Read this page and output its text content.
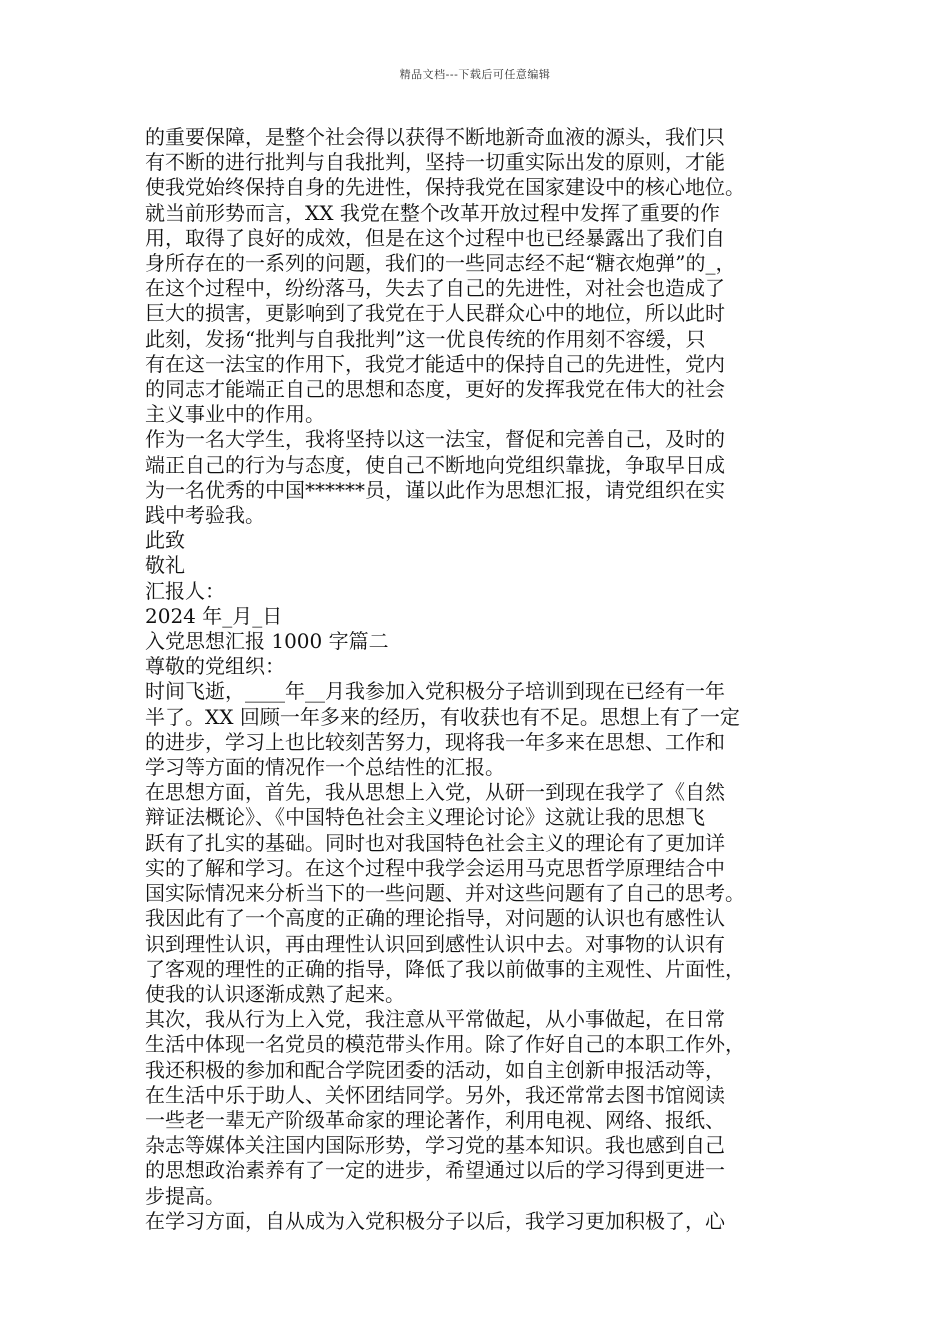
精品文档---下载后可任意编辑

的重要保障，是整个社会得以获得不断地新奇血液的源头，我们只

有不断的进行批判与自我批判，坚持一切重实际出发的原则，才能

使我党始终保持自身的先进性，保持我党在国家建设中的核心地位。

就当前形势而言，XX 我党在整个改革开放过程中发挥了重要的作

用，取得了良好的成效，但是在这个过程中也已经暴露出了我们自

身所存在的一系列的问题，我们的一些同志经不起“糖衣炮弹”的_，

在这个过程中，纷纷落马，失去了自己的先进性，对社会也造成了

巨大的损害，更影响到了我党在于人民群众心中的地位，所以此时

此刻，发扬“批判与自我批判”这一优良传统的作用刻不容缓，只

有在这一法宝的作用下，我党才能适中的保持自己的先进性，党内

的同志才能端正自己的思想和态度，更好的发挥我党在伟大的社会

主义事业中的作用。

作为一名大学生，我将坚持以这一法宝，督促和完善自己，及时的

端正自己的行为与态度，使自己不断地向党组织靠拢，争取早日成

为一名优秀的中国******员，谨以此作为思想汇报，请党组织在实

践中考验我。

此致

敬礼

汇报人：

2024 年_月_日

入党思想汇报 1000 字篇二

尊敬的党组织：

时间飞逝，____年__月我参加入党积极分子培训到现在已经有一年

半了。XX 回顾一年多来的经历，有收获也有不足。思想上有了一定

的进步，学习上也比较刻苦努力，现将我一年多来在思想、工作和

学习等方面的情况作一个总结性的汇报。

在思想方面，首先，我从思想上入党，从研一到现在我学了《自然

辩证法概论》、《中国特色社会主义理论讨论》这就让我的思想飞

跃有了扎实的基础。同时也对我国特色社会主义的理论有了更加详

实的了解和学习。在这个过程中我学会运用马克思哲学原理结合中

国实际情况来分析当下的一些问题、并对这些问题有了自己的思考。

我因此有了一个高度的正确的理论指导，对问题的认识也有感性认

识到理性认识，再由理性认识回到感性认识中去。对事物的认识有

了客观的理性的正确的指导，降低了我以前做事的主观性、片面性，

使我的认识逐渐成熟了起来。

其次，我从行为上入党，我注意从平常做起，从小事做起，在日常

生活中体现一名党员的模范带头作用。除了作好自己的本职工作外，

我还积极的参加和配合学院团委的活动，如自主创新申报活动等，

在生活中乐于助人、关怀团结同学。另外，我还常常去图书馆阅读

一些老一辈无产阶级革命家的理论著作，利用电视、网络、报纸、

杂志等媒体关注国内国际形势，学习党的基本知识。我也感到自己

的思想政治素养有了一定的进步，希望通过以后的学习得到更进一

步提高。

在学习方面，自从成为入党积极分子以后，我学习更加积极了，心
